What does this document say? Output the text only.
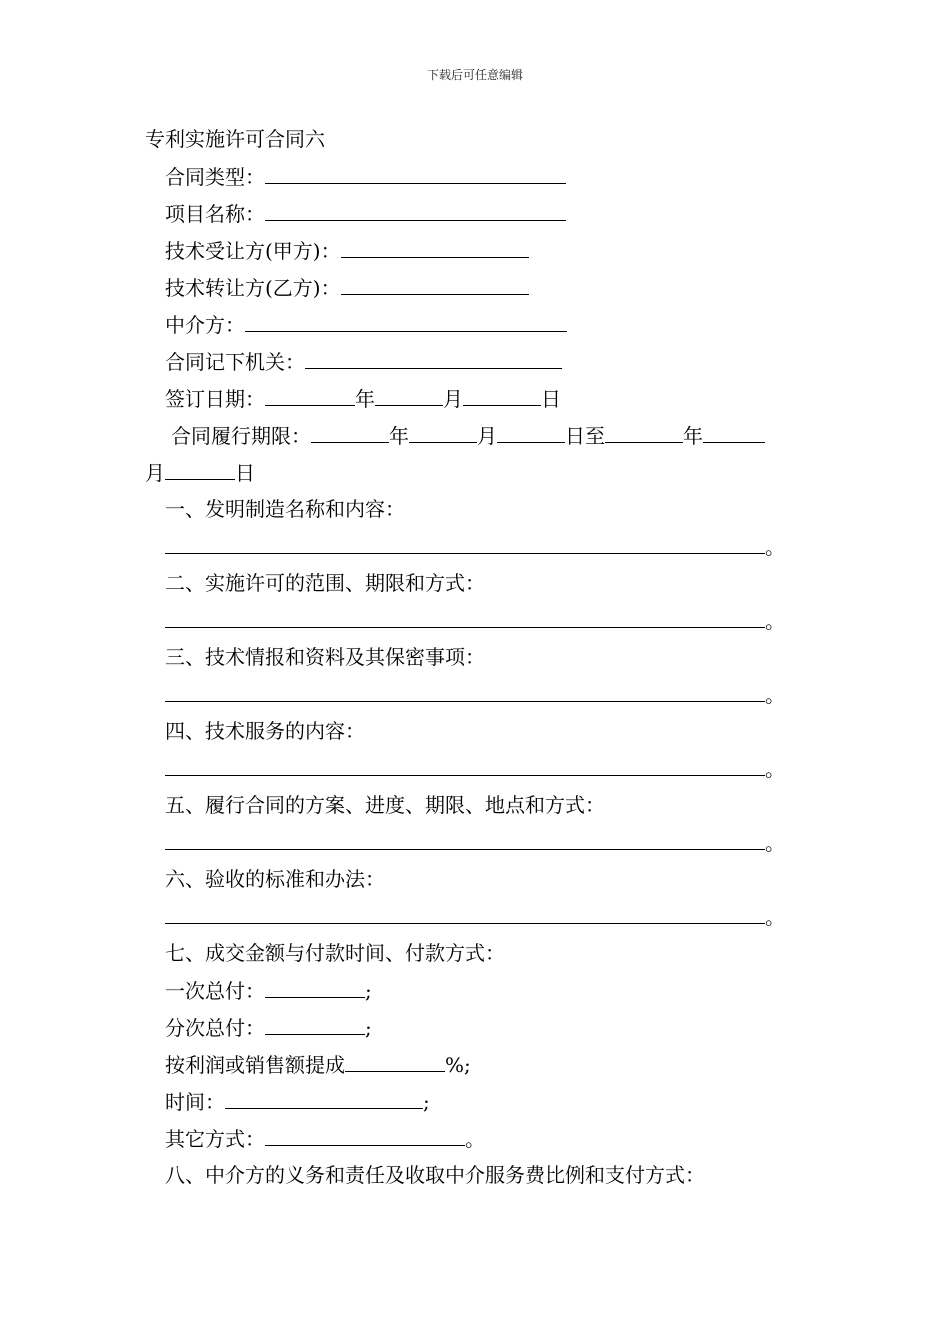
下载后可任意编辑
专利实施许可合同六
合同类型：
项目名称：
技术受让方(甲方)：
技术转让方(乙方)：
中介方：
合同记下机关：
签订日期：	年	月	日
合同履行期限：	年	月	日至	年
月	日
一、发明制造名称和内容：
。
二、实施许可的范围、期限和方式：
。
三、技术情报和资料及其保密事项：
。
四、技术服务的内容：
。
五、履行合同的方案、进度、期限、地点和方式：
。
六、验收的标准和办法：
。
七、成交金额与付款时间、付款方式：
一次总付：	;
分次总付：	;
按利润或销售额提成	%;
时间：	;
其它方式：	。
八、中介方的义务和责任及收取中介服务费比例和支付方式：
